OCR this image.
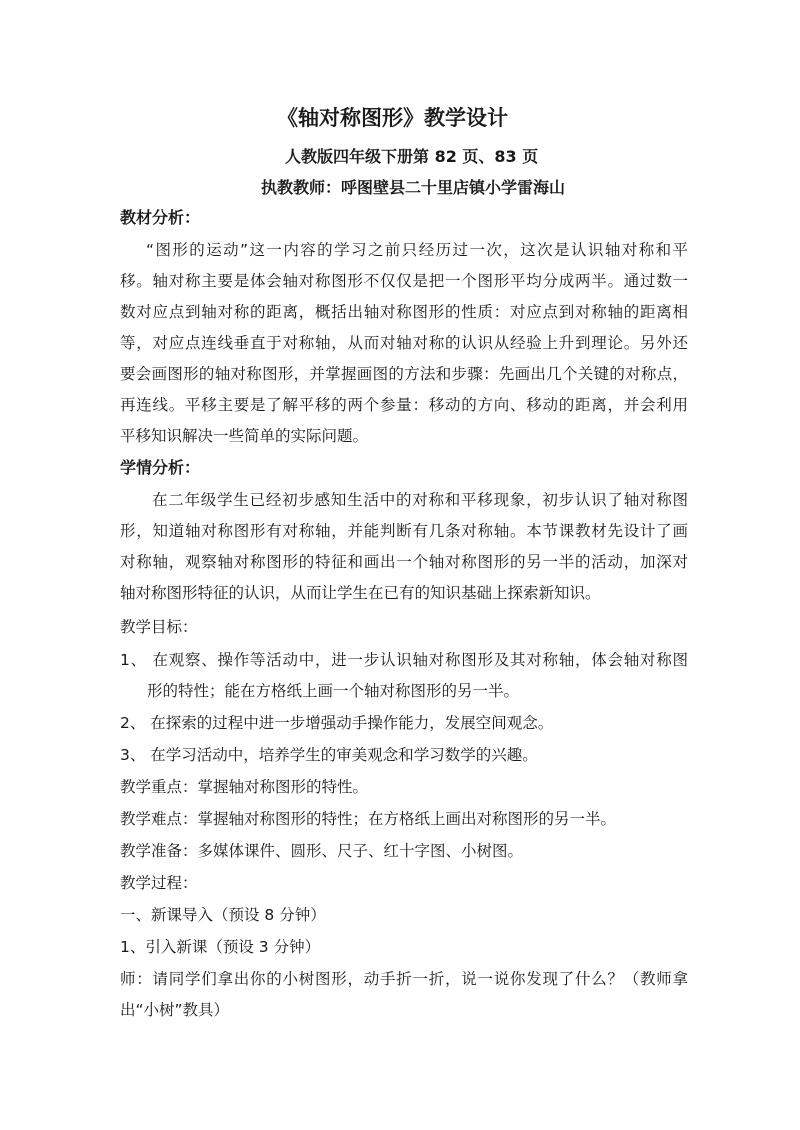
《轴对称图形》教学设计
人教版四年级下册第 82 页、83 页
执教教师：呼图壁县二十里店镇小学雷海山
教材分析：
“图形的运动”这一内容的学习之前只经历过一次，这次是认识轴对称和平
移。轴对称主要是体会轴对称图形不仅仅是把一个图形平均分成两半。通过数一
数对应点到轴对称的距离，概括出轴对称图形的性质：对应点到对称轴的距离相
等，对应点连线垂直于对称轴，从而对轴对称的认识从经验上升到理论。另外还
要会画图形的轴对称图形，并掌握画图的方法和步骤：先画出几个关键的对称点，
再连线。平移主要是了解平移的两个参量：移动的方向、移动的距离，并会利用
平移知识解决一些简单的实际问题。
学情分析：
在二年级学生已经初步感知生活中的对称和平移现象，初步认识了轴对称图
形，知道轴对称图形有对称轴，并能判断有几条对称轴。本节课教材先设计了画
对称轴，观察轴对称图形的特征和画出一个轴对称图形的另一半的活动，加深对
轴对称图形特征的认识，从而让学生在已有的知识基础上探索新知识。
教学目标：
1、 在观察、操作等活动中，进一步认识轴对称图形及其对称轴，体会轴对称图
形的特性；能在方格纸上画一个轴对称图形的另一半。
2、 在探索的过程中进一步增强动手操作能力，发展空间观念。
3、 在学习活动中，培养学生的审美观念和学习数学的兴趣。
教学重点：掌握轴对称图形的特性。
教学难点：掌握轴对称图形的特性；在方格纸上画出对称图形的另一半。
教学准备：多媒体课件、圆形、尺子、红十字图、小树图。
教学过程：
一、新课导入（预设 8 分钟）
1、引入新课（预设 3 分钟）
师：请同学们拿出你的小树图形，动手折一折，说一说你发现了什么？（教师拿
出“小树”教具）
